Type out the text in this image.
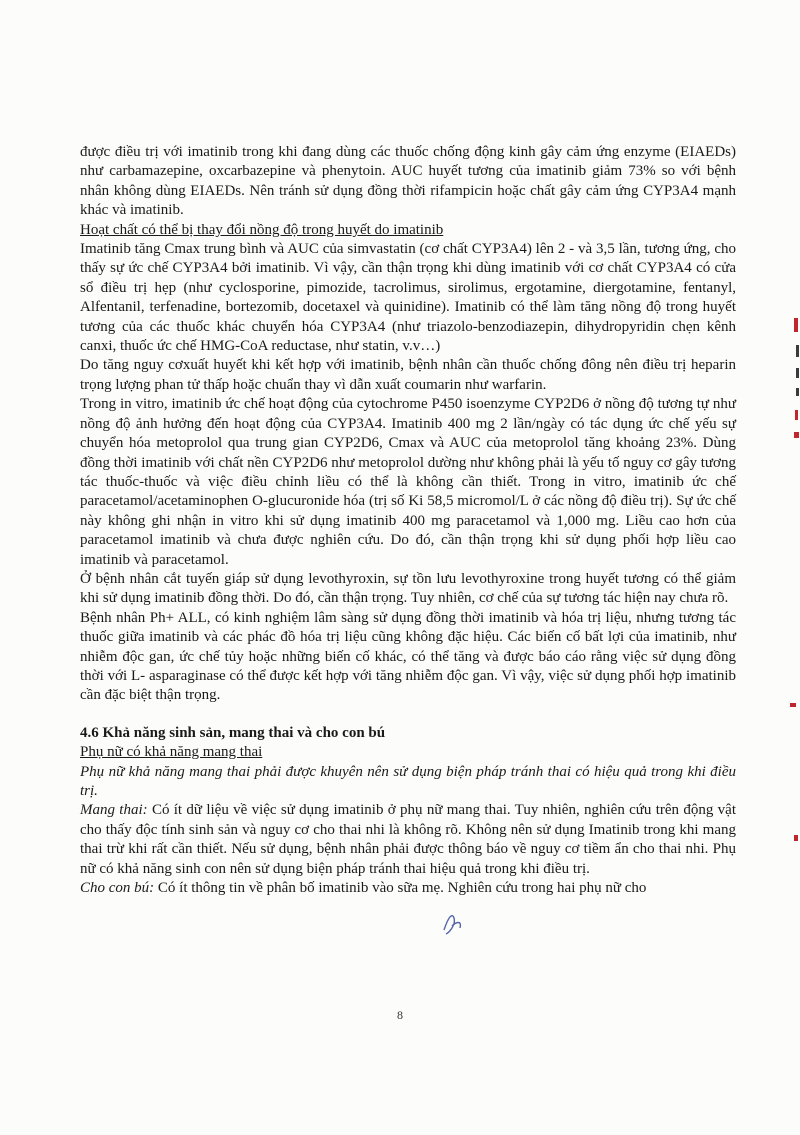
được điều trị với imatinib trong khi đang dùng các thuốc chống động kinh gây cảm ứng enzyme (EIAEDs) như carbamazepine, oxcarbazepine và phenytoin. AUC huyết tương của imatinib giảm 73% so với bệnh nhân không dùng EIAEDs. Nên tránh sử dụng đồng thời rifampicin hoặc chất gây cảm ứng CYP3A4 mạnh khác và imatinib.

Hoạt chất có thể bị thay đổi nồng độ trong huyết do imatinib

Imatinib tăng Cmax trung bình và AUC của simvastatin (cơ chất CYP3A4) lên 2 - và 3,5 lần, tương ứng, cho thấy sự ức chế CYP3A4 bởi imatinib. Vì vậy, cần thận trọng khi dùng imatinib với cơ chất CYP3A4 có cửa sổ điều trị hẹp (như cyclosporine, pimozide, tacrolimus, sirolimus, ergotamine, diergotamine, fentanyl, Alfentanil, terfenadine, bortezomib, docetaxel và quinidine). Imatinib có thể làm tăng nồng độ trong huyết tương của các thuốc khác chuyển hóa CYP3A4 (như triazolo-benzodiazepin, dihydropyridin chẹn kênh canxi, thuốc ức chế HMG-CoA reductase, như statin, v.v…)

Do tăng nguy cơxuất huyết khi kết hợp với imatinib, bệnh nhân cần thuốc chống đông nên điều trị heparin trọng lượng phan tử thấp hoặc chuẩn thay vì dẫn xuất coumarin như warfarin.

Trong in vitro, imatinib ức chế hoạt động của cytochrome P450 isoenzyme CYP2D6 ở nồng độ tương tự như nồng độ ảnh hưởng đến hoạt động của CYP3A4. Imatinib 400 mg 2 lần/ngày có tác dụng ức chế yếu sự chuyển hóa metoprolol qua trung gian CYP2D6, Cmax và AUC của metoprolol tăng khoảng 23%. Dùng đồng thời imatinib với chất nền CYP2D6 như metoprolol dường như không phải là yếu tố nguy cơ gây tương tác thuốc-thuốc và việc điều chỉnh liều có thể là không cần thiết. Trong in vitro, imatinib ức chế paracetamol/acetaminophen O-glucuronide hóa (trị số Ki 58,5 micromol/L ở các nồng độ điều trị). Sự ức chế này không ghi nhận in vitro khi sử dụng imatinib 400 mg paracetamol và 1,000 mg. Liều cao hơn của paracetamol imatinib và chưa được nghiên cứu. Do đó, cần thận trọng khi sử dụng phối hợp liều cao imatinib và paracetamol.

Ở bệnh nhân cắt tuyến giáp sử dụng levothyroxin, sự tồn lưu levothyroxine trong huyết tương có thể giảm khi sử dụng imatinib đồng thời. Do đó, cần thận trọng. Tuy nhiên, cơ chế của sự tương tác hiện nay chưa rõ.

Bệnh nhân Ph+ ALL, có kinh nghiệm lâm sàng sử dụng đồng thời imatinib và hóa trị liệu, nhưng tương tác thuốc giữa imatinib và các phác đồ hóa trị liệu cũng không đặc hiệu. Các biến cố bất lợi của imatinib, như nhiễm độc gan, ức chế tủy hoặc những biến cố khác, có thể tăng và được báo cáo rằng việc sử dụng đồng thời với L- asparaginase có thể được kết hợp với tăng nhiễm độc gan. Vì vậy, việc sử dụng phối hợp imatinib cần đặc biệt thận trọng.

4.6 Khả năng sinh sản, mang thai và cho con bú

Phụ nữ có khả năng mang thai

Phụ nữ khả năng mang thai phải được khuyên nên sử dụng biện pháp tránh thai có hiệu quả trong khi điều trị.

Mang thai: Có ít dữ liệu về việc sử dụng imatinib ở phụ nữ mang thai. Tuy nhiên, nghiên cứu trên động vật cho thấy độc tính sinh sản và nguy cơ cho thai nhi là không rõ. Không nên sử dụng Imatinib trong khi mang thai trừ khi rất cần thiết. Nếu sử dụng, bệnh nhân phải được thông báo về nguy cơ tiềm ẩn cho thai nhi. Phụ nữ có khả năng sinh con nên sử dụng biện pháp tránh thai hiệu quả trong khi điều trị.

Cho con bú: Có ít thông tin về phân bố imatinib vào sữa mẹ. Nghiên cứu trong hai phụ nữ cho

8
